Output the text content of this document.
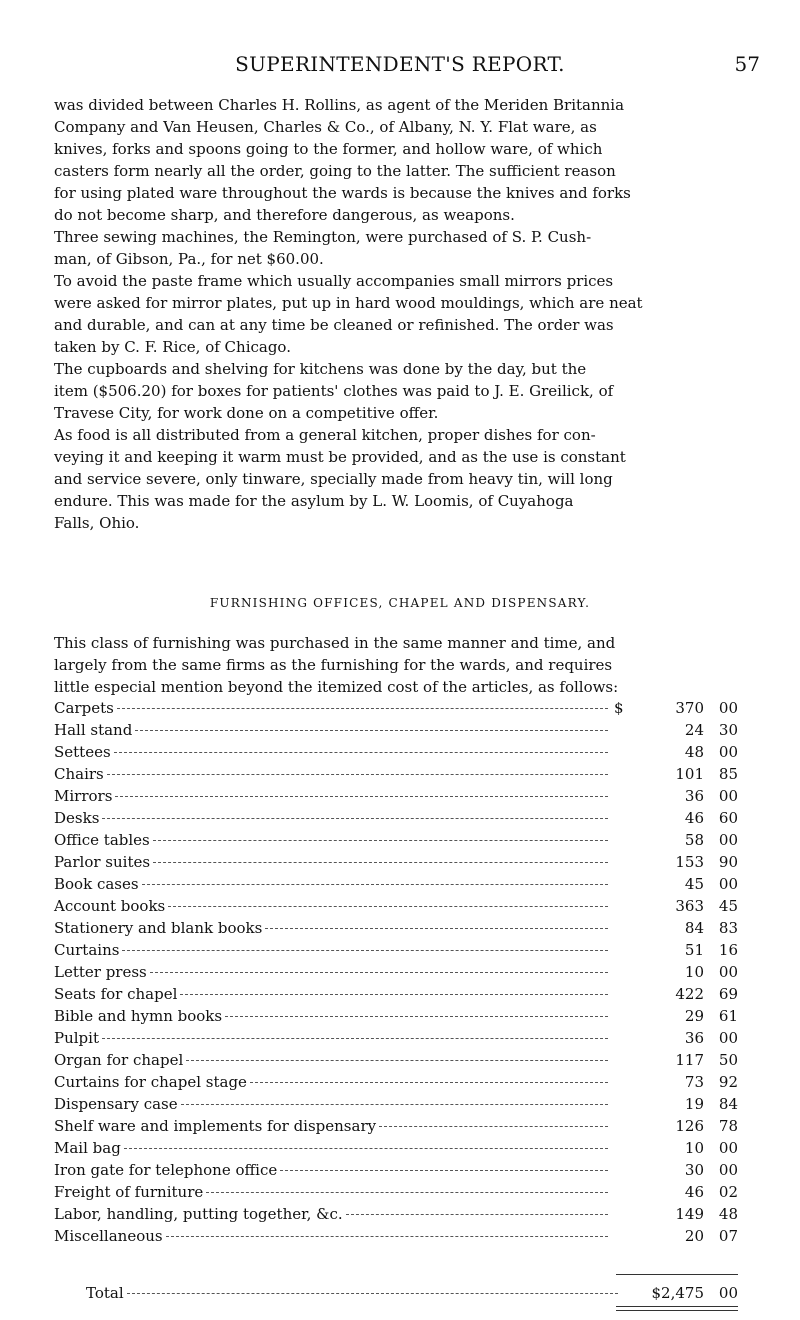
SUPERINTENDENT'S REPORT.	57
was divided between Charles H. Rollins, as agent of the Meriden Britannia
Company and Van Heusen, Charles & Co., of Albany, N. Y. Flat ware, as
knives, forks and spoons going to the former, and hollow ware, of which
casters form nearly all the order, going to the latter. The sufficient reason
for using plated ware throughout the wards is because the knives and forks
do not become sharp, and therefore dangerous, as weapons.
Three sewing machines, the Remington, were purchased of S. P. Cush-
man, of Gibson, Pa., for net $60.00.
To avoid the paste frame which usually accompanies small mirrors prices
were asked for mirror plates, put up in hard wood mouldings, which are neat
and durable, and can at any time be cleaned or refinished. The order was
taken by C. F. Rice, of Chicago.
The cupboards and shelving for kitchens was done by the day, but the
item ($506.20) for boxes for patients' clothes was paid to J. E. Greilick, of
Travese City, for work done on a competitive offer.
As food is all distributed from a general kitchen, proper dishes for con-
veying it and keeping it warm must be provided, and as the use is constant
and service severe, only tinware, specially made from heavy tin, will long
endure. This was made for the asylum by L. W. Loomis, of Cuyahoga
Falls, Ohio.
FURNISHING OFFICES, CHAPEL AND DISPENSARY.
This class of furnishing was purchased in the same manner and time, and
largely from the same firms as the furnishing for the wards, and requires
little especial mention beyond the itemized cost of the articles, as follows:
Carpets	$	370 00
Hall stand	24 30
Settees	48 00
Chairs	101 85
Mirrors	36 00
Desks	46 60
Office tables	58 00
Parlor suites	153 90
Book cases	45 00
Account books	363 45
Stationery and blank books	84 83
Curtains	51 16
Letter press	10 00
Seats for chapel	422 69
Bible and hymn books	29 61
Pulpit	36 00
Organ for chapel	117 50
Curtains for chapel stage	73 92
Dispensary case	19 84
Shelf ware and implements for dispensary	126 78
Mail bag	10 00
Iron gate for telephone office	30 00
Freight of furniture	46 02
Labor, handling, putting together, &c.	149 48
Miscellaneous	20 07
Total	$2,475 00
